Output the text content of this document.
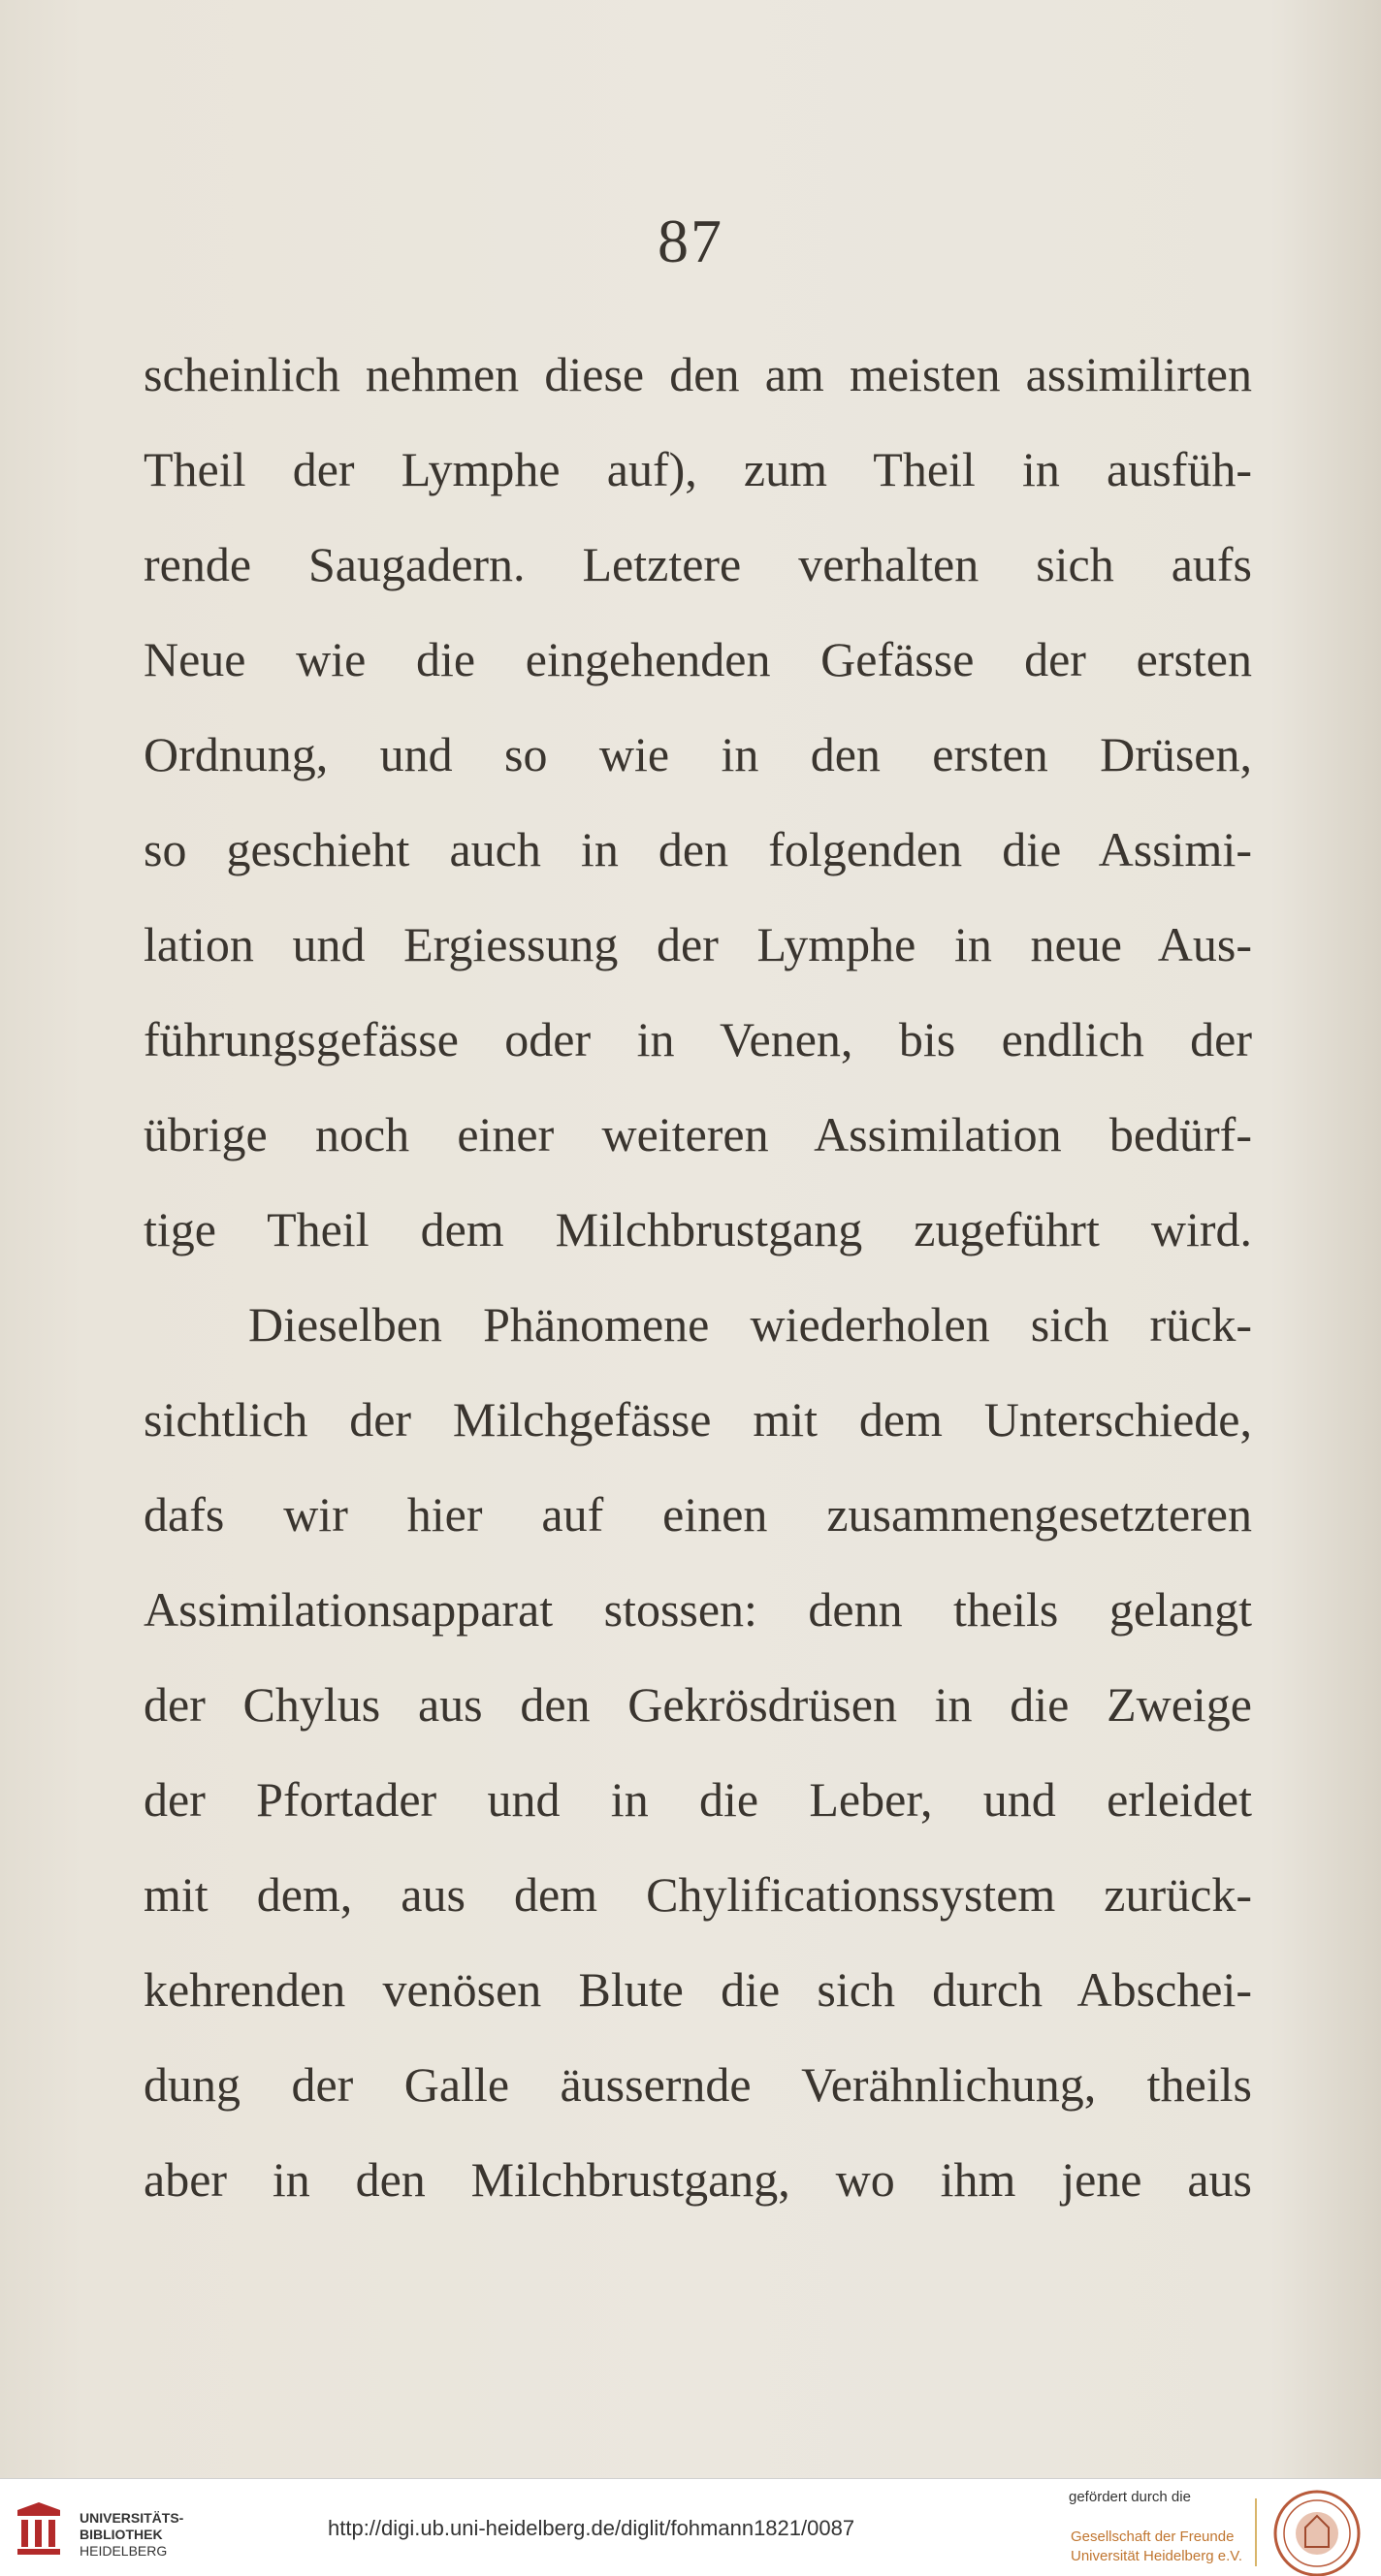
87
scheinlich nehmen diese den am meisten assimilirten
Theil der Lymphe auf), zum Theil in ausfüh-
rende Saugadern. Letztere verhalten sich aufs
Neue wie die eingehenden Gefässe der ersten
Ordnung, und so wie in den ersten Drüsen,
so geschieht auch in den folgenden die Assimi-
lation und Ergiessung der Lymphe in neue Aus-
führungsgefässe oder in Venen, bis endlich der
übrige noch einer weiteren Assimilation bedürf-
tige Theil dem Milchbrustgang zugeführt wird.
Dieselben Phänomene wiederholen sich rück-
sichtlich der Milchgefässe mit dem Unterschiede,
dafs wir hier auf einen zusammengesetzteren
Assimilationsapparat stossen: denn theils gelangt
der Chylus aus den Gekrösdrüsen in die Zweige
der Pfortader und in die Leber, und erleidet
mit dem, aus dem Chylificationssystem zurück-
kehrenden venösen Blute die sich durch Abschei-
dung der Galle äussernde Verähnlichung, theils
aber in den Milchbrustgang, wo ihm jene aus
UNIVERSITÄTS-
BIBLIOTHEK
HEIDELBERG
http://digi.ub.uni-heidelberg.de/diglit/fohmann1821/0087
gefördert durch die
Gesellschaft der Freunde
Universität Heidelberg e.V.
